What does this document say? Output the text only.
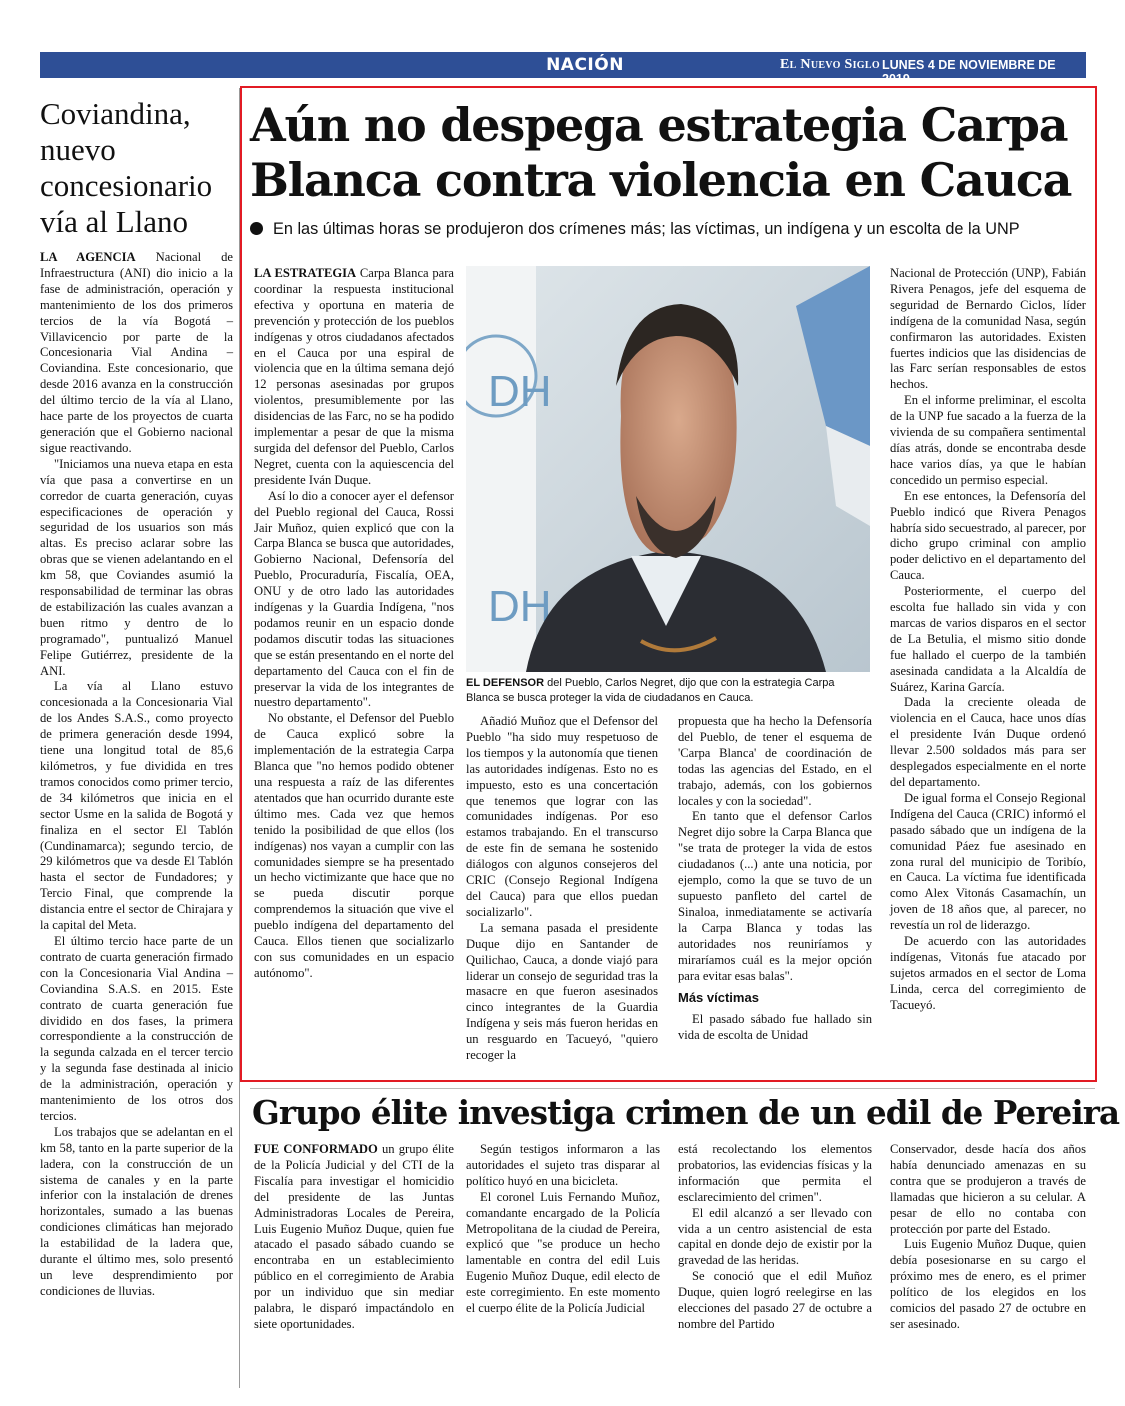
NACIÓN	El Nuevo Siglo LUNES 4 DE NOVIEMBRE DE 2019
9B
Coviandina, nuevo concesionario vía al Llano

LA AGENCIA Nacional de Infraestructura (ANI) dio inicio a la fase de administración, operación y mantenimiento de los dos primeros tercios de la vía Bogotá – Villavicencio por parte de la Concesionaria Vial Andina – Coviandina. Este concesionario, que desde 2016 avanza en la construcción del último tercio de la vía al Llano, hace parte de los proyectos de cuarta generación que el Gobierno nacional sigue reactivando.

"Iniciamos una nueva etapa en esta vía que pasa a convertirse en un corredor de cuarta generación, cuyas especificaciones de operación y seguridad de los usuarios son más altas. Es preciso aclarar sobre las obras que se vienen adelantando en el km 58, que Coviandes asumió la responsabilidad de terminar las obras de estabilización las cuales avanzan a buen ritmo y dentro de lo programado", puntualizó Manuel Felipe Gutiérrez, presidente de la ANI.

La vía al Llano estuvo concesionada a la Concesionaria Vial de los Andes S.A.S., como proyecto de primera generación desde 1994, tiene una longitud total de 85,6 kilómetros, y fue dividida en tres tramos conocidos como primer tercio, de 34 kilómetros que inicia en el sector Usme en la salida de Bogotá y finaliza en el sector El Tablón (Cundinamarca); segundo tercio, de 29 kilómetros que va desde El Tablón hasta el sector de Fundadores; y Tercio Final, que comprende la distancia entre el sector de Chirajara y la capital del Meta.

El último tercio hace parte de un contrato de cuarta generación firmado con la Concesionaria Vial Andina – Coviandina S.A.S. en 2015. Este contrato de cuarta generación fue dividido en dos fases, la primera correspondiente a la construcción de la segunda calzada en el tercer tercio y la segunda fase destinada al inicio de la administración, operación y mantenimiento de los otros dos tercios.

Los trabajos que se adelantan en el km 58, tanto en la parte superior de la ladera, con la construcción de un sistema de canales y en la parte inferior con la instalación de drenes horizontales, sumado a las buenas condiciones climáticas han mejorado la estabilidad de la ladera que, durante el último mes, solo presentó un leve desprendimiento por condiciones de lluvias.

Aún no despega estrategia Carpa Blanca contra violencia en Cauca
En las últimas horas se produjeron dos crímenes más; las víctimas, un indígena y un escolta de la UNP

LA ESTRATEGIA Carpa Blanca para coordinar la respuesta institucional efectiva y oportuna en materia de prevención y protección de los pueblos indígenas y otros ciudadanos afectados en el Cauca por una espiral de violencia que en la última semana dejó 12 personas asesinadas por grupos violentos, presumiblemente por las disidencias de las Farc, no se ha podido implementar a pesar de que la misma surgida del defensor del Pueblo, Carlos Negret, cuenta con la aquiescencia del presidente Iván Duque.

Así lo dio a conocer ayer el defensor del Pueblo regional del Cauca, Rossi Jair Muñoz, quien explicó que con la Carpa Blanca se busca que autoridades, Gobierno Nacional, Defensoría del Pueblo, Procuraduría, Fiscalía, OEA, ONU y de otro lado las autoridades indígenas y la Guardia Indígena, "nos podamos reunir en un espacio donde podamos discutir todas las situaciones que se están presentando en el norte del departamento del Cauca con el fin de preservar la vida de los integrantes de nuestro departamento".

No obstante, el Defensor del Pueblo de Cauca explicó sobre la implementación de la estrategia Carpa Blanca que "no hemos podido obtener una respuesta a raíz de las diferentes atentados que han ocurrido durante este último mes. Cada vez que hemos tenido la posibilidad de que ellos (los indígenas) nos vayan a cumplir con las comunidades siempre se ha presentado un hecho victimizante que hace que no se pueda discutir porque comprendemos la situación que vive el pueblo indígena del departamento del Cauca. Ellos tienen que socializarlo con sus comunidades en un espacio autónomo".

DH
DH
EL DEFENSOR del Pueblo, Carlos Negret, dijo que con la estrategia Carpa Blanca se busca proteger la vida de ciudadanos en Cauca.

Añadió Muñoz que el Defensor del Pueblo "ha sido muy respetuoso de los tiempos y la autonomía que tienen las autoridades indígenas. Esto no es impuesto, esto es una concertación que tenemos que lograr con las comunidades indígenas. Por eso estamos trabajando. En el transcurso de este fin de semana he sostenido diálogos con algunos consejeros del CRIC (Consejo Regional Indígena del Cauca) para que ellos puedan socializarlo".

La semana pasada el presidente Duque dijo en Santander de Quilichao, Cauca, a donde viajó para liderar un consejo de seguridad tras la masacre en que fueron asesinados cinco integrantes de la Guardia Indígena y seis más fueron heridas en un resguardo en Tacueyó, "quiero recoger la

propuesta que ha hecho la Defensoría del Pueblo, de tener el esquema de 'Carpa Blanca' de coordinación de todas las agencias del Estado, en el trabajo, además, con los gobiernos locales y con la sociedad".

En tanto que el defensor Carlos Negret dijo sobre la Carpa Blanca que "se trata de proteger la vida de estos ciudadanos (...) ante una noticia, por ejemplo, como la que se tuvo de un supuesto panfleto del cartel de Sinaloa, inmediatamente se activaría la Carpa Blanca y todas las autoridades nos reuniríamos y miraríamos cuál es la mejor opción para evitar esas balas".

Más víctimas

El pasado sábado fue hallado sin vida de escolta de Unidad

Nacional de Protección (UNP), Fabián Rivera Penagos, jefe del esquema de seguridad de Bernardo Ciclos, líder indígena de la comunidad Nasa, según confirmaron las autoridades. Existen fuertes indicios que las disidencias de las Farc serían responsables de estos hechos.

En el informe preliminar, el escolta de la UNP fue sacado a la fuerza de la vivienda de su compañera sentimental días atrás, donde se encontraba desde hace varios días, ya que le habían concedido un permiso especial.

En ese entonces, la Defensoría del Pueblo indicó que Rivera Penagos habría sido secuestrado, al parecer, por dicho grupo criminal con amplio poder delictivo en el departamento del Cauca.

Posteriormente, el cuerpo del escolta fue hallado sin vida y con marcas de varios disparos en el sector de La Betulia, el mismo sitio donde fue hallado el cuerpo de la también asesinada candidata a la Alcaldía de Suárez, Karina García.

Dada la creciente oleada de violencia en el Cauca, hace unos días el presidente Iván Duque ordenó llevar 2.500 soldados más para ser desplegados especialmente en el norte del departamento.

De igual forma el Consejo Regional Indígena del Cauca (CRIC) informó el pasado sábado que un indígena de la comunidad Páez fue asesinado en zona rural del municipio de Toribío, en Cauca. La víctima fue identificada como Alex Vitonás Casamachín, un joven de 18 años que, al parecer, no revestía un rol de liderazgo.

De acuerdo con las autoridades indígenas, Vitonás fue atacado por sujetos armados en el sector de Loma Linda, cerca del corregimiento de Tacueyó.

Grupo élite investiga crimen de un edil de Pereira

FUE CONFORMADO un grupo élite de la Policía Judicial y del CTI de la Fiscalía para investigar el homicidio del presidente de las Juntas Administradoras Locales de Pereira, Luis Eugenio Muñoz Duque, quien fue atacado el pasado sábado cuando se encontraba en un establecimiento público en el corregimiento de Arabia por un individuo que sin mediar palabra, le disparó impactándolo en siete oportunidades.

Según testigos informaron a las autoridades el sujeto tras disparar al político huyó en una bicicleta.

El coronel Luis Fernando Muñoz, comandante encargado de la Policía Metropolitana de la ciudad de Pereira, explicó que "se produce un hecho lamentable en contra del edil Luis Eugenio Muñoz Duque, edil electo de este corregimiento. En este momento el cuerpo élite de la Policía Judicial

está recolectando los elementos probatorios, las evidencias físicas y la información que permita el esclarecimiento del crimen".

El edil alcanzó a ser llevado con vida a un centro asistencial de esta capital en donde dejo de existir por la gravedad de las heridas.

Se conoció que el edil Muñoz Duque, quien logró reelegirse en las elecciones del pasado 27 de octubre a nombre del Partido

Conservador, desde hacía dos años había denunciado amenazas en su contra que se produjeron a través de llamadas que hicieron a su celular. A pesar de ello no contaba con protección por parte del Estado.

Luis Eugenio Muñoz Duque, quien debía posesionarse en su cargo el próximo mes de enero, es el primer político de los elegidos en los comicios del pasado 27 de octubre en ser asesinado.
